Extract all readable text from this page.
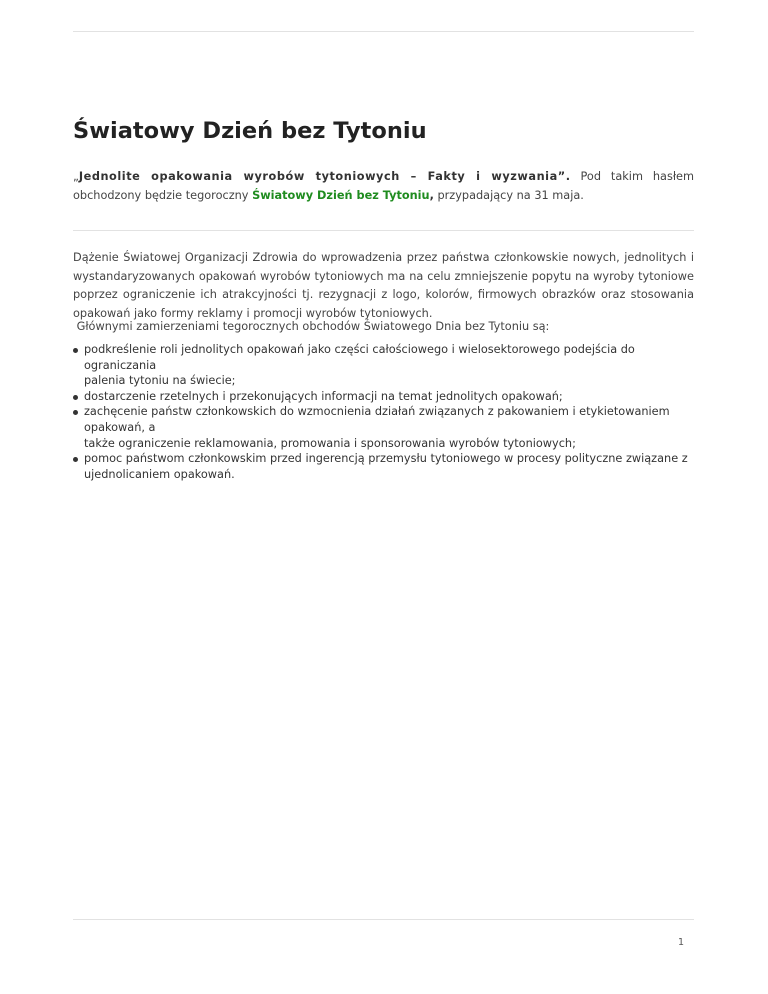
Światowy Dzień bez Tytoniu

„Jednolite opakowania wyrobów tytoniowych – Fakty i wyzwania”. Pod takim hasłem obchodzony będzie tegoroczny Światowy Dzień bez Tytoniu, przypadający na 31 maja.

Dążenie Światowej Organizacji Zdrowia do wprowadzenia przez państwa członkowskie nowych, jednolitych i wystandaryzowanych opakowań wyrobów tytoniowych ma na celu zmniejszenie popytu na wyroby tytoniowe poprzez ograniczenie ich atrakcyjności tj. rezygnacji z logo, kolorów, firmowych obrazków oraz stosowania opakowań jako formy reklamy i promocji wyrobów tytoniowych.

Głównymi zamierzeniami tegorocznych obchodów Światowego Dnia bez Tytoniu są:

podkreślenie roli jednolitych opakowań jako części całościowego i wielosektorowego podejścia do ograniczania
palenia tytoniu na świecie;
dostarczenie rzetelnych i przekonujących informacji na temat jednolitych opakowań;
zachęcenie państw członkowskich do wzmocnienia działań związanych z pakowaniem i etykietowaniem opakowań, a
także ograniczenie reklamowania, promowania i sponsorowania wyrobów tytoniowych;
pomoc państwom członkowskim przed ingerencją przemysłu tytoniowego w procesy polityczne związane z
ujednolicaniem opakowań.

1
